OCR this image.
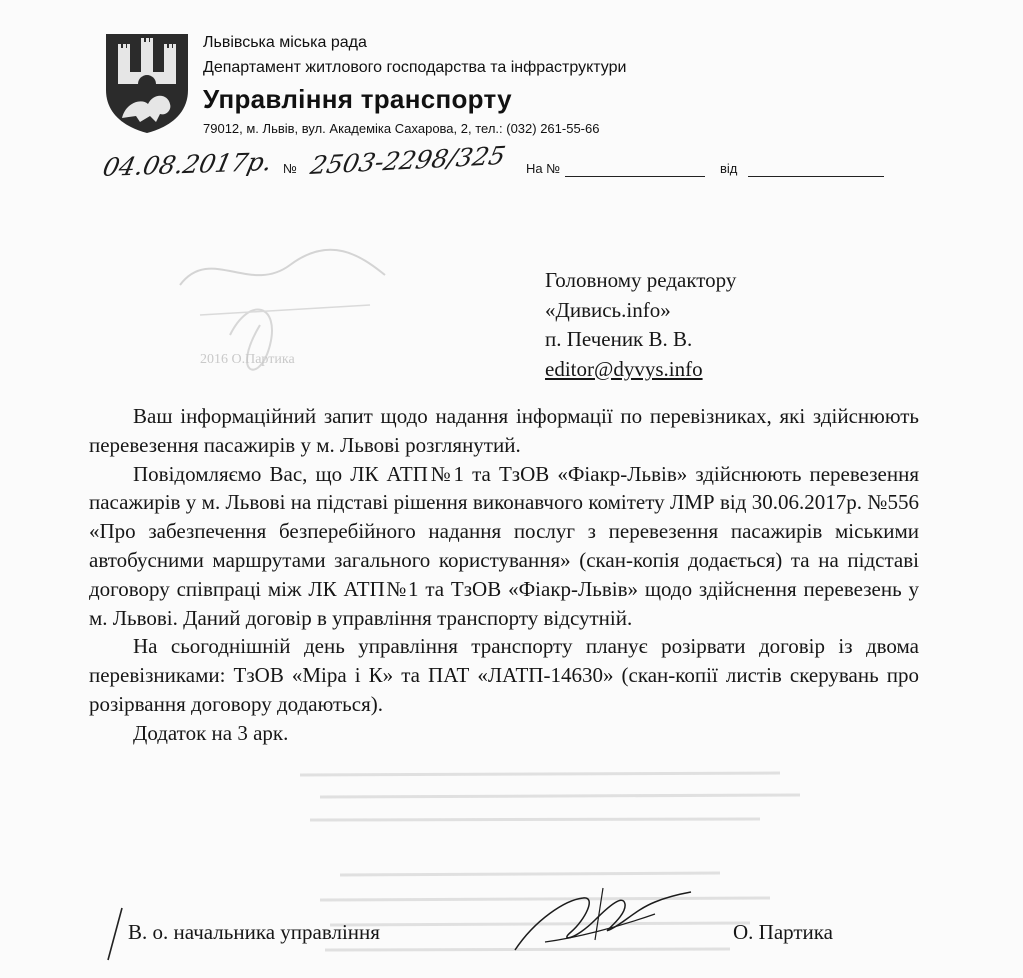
2016 О.Партика
Львівська міська рада
Департамент житлового господарства та інфраструктури
Управління транспорту
79012, м. Львів, вул. Академіка Сахарова, 2, тел.: (032) 261-55-66
04.08.2017р. № 2503-2298/325 На №	від
Головному редактору
«Дивись.info»
п. Печеник В. В.
editor@dyvys.info

Ваш інформаційний запит щодо надання інформації по перевізниках, які здійснюють перевезення пасажирів у м. Львові розглянутий.

Повідомляємо Вас, що ЛК АТП№1 та ТзОВ «Фіакр-Львів» здійснюють перевезення пасажирів у м. Львові на підставі рішення виконавчого комітету ЛМР від 30.06.2017р. №556 «Про забезпечення безперебійного надання послуг з перевезення пасажирів міськими автобусними маршрутами загального користування» (скан-копія додається) та на підставі договору співпраці між ЛК АТП№1 та ТзОВ «Фіакр-Львів» щодо здійснення перевезень у м. Львові. Даний договір в управління транспорту відсутній.

На сьогоднішній день управління транспорту планує розірвати договір із двома перевізниками: ТзОВ «Міра і К» та ПАТ «ЛАТП-14630» (скан-копії листів скерувань про розірвання договору додаються).

Додаток на 3 арк.

В. о. начальника управління	О. Партика
